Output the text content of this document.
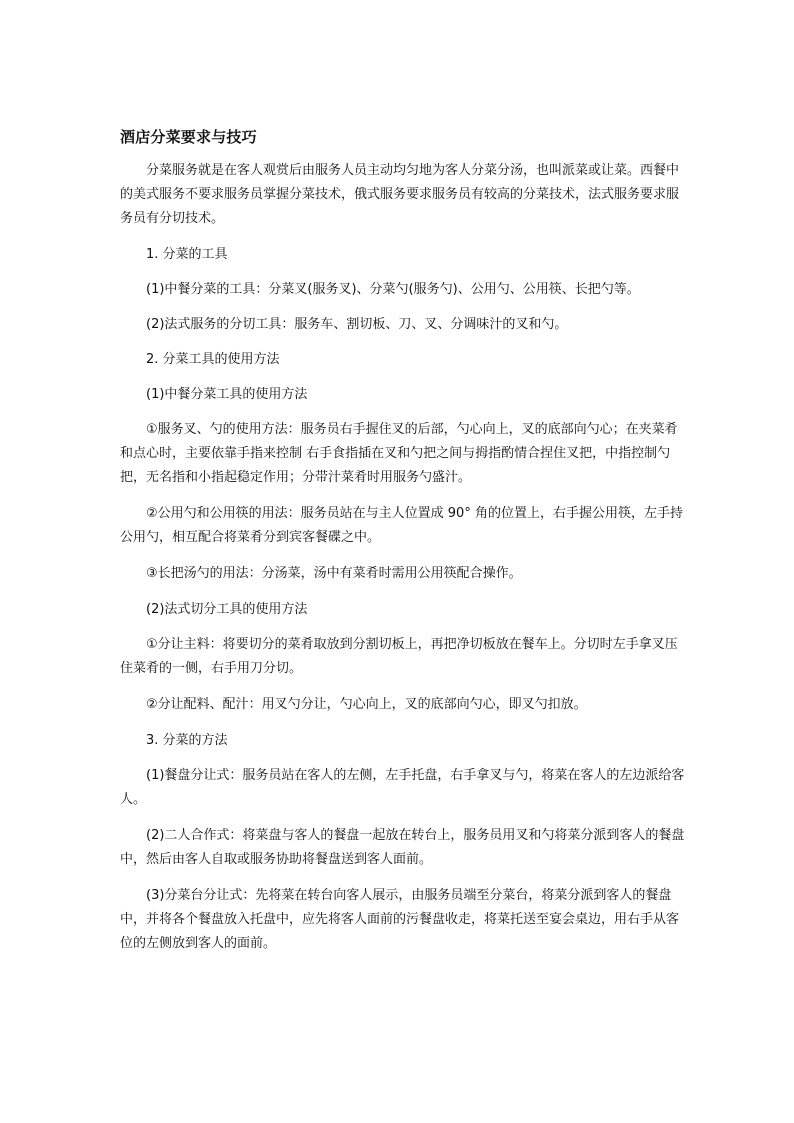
酒店分菜要求与技巧

分菜服务就是在客人观赏后由服务人员主动均匀地为客人分菜分汤，也叫派菜或让菜。西餐中的美式服务不要求服务员掌握分菜技术，俄式服务要求服务员有较高的分菜技术，法式服务要求服务员有分切技术。

1. 分菜的工具
(1)中餐分菜的工具：分菜叉(服务叉)、分菜勺(服务勺)、公用勺、公用筷、长把勺等。
(2)法式服务的分切工具：服务车、割切板、刀、叉、分调味汁的叉和勺。
2. 分菜工具的使用方法
(1)中餐分菜工具的使用方法

①服务叉、勺的使用方法：服务员右手握住叉的后部，勺心向上，叉的底部向勺心；在夹菜肴和点心时，主要依靠手指来控制 右手食指插在叉和勺把之间与拇指酌情合捏住叉把，中指控制勺把，无名指和小指起稳定作用；分带汁菜肴时用服务勺盛汁。

②公用勺和公用筷的用法：服务员站在与主人位置成 90° 角的位置上，右手握公用筷，左手持公用勺，相互配合将菜肴分到宾客餐碟之中。

③长把汤勺的用法：分汤菜，汤中有菜肴时需用公用筷配合操作。

(2)法式切分工具的使用方法

①分让主料：将要切分的菜肴取放到分割切板上，再把净切板放在餐车上。分切时左手拿叉压住菜肴的一侧，右手用刀分切。

②分让配料、配汁：用叉勺分让，勺心向上，叉的底部向勺心，即叉勺扣放。

3. 分菜的方法

(1)餐盘分让式：服务员站在客人的左侧，左手托盘，右手拿叉与勺，将菜在客人的左边派给客人。

(2)二人合作式：将菜盘与客人的餐盘一起放在转台上，服务员用叉和勺将菜分派到客人的餐盘中，然后由客人自取或服务协助将餐盘送到客人面前。

(3)分菜台分让式：先将菜在转台向客人展示，由服务员端至分菜台，将菜分派到客人的餐盘中，并将各个餐盘放入托盘中，应先将客人面前的污餐盘收走，将菜托送至宴会桌边，用右手从客位的左侧放到客人的面前。
